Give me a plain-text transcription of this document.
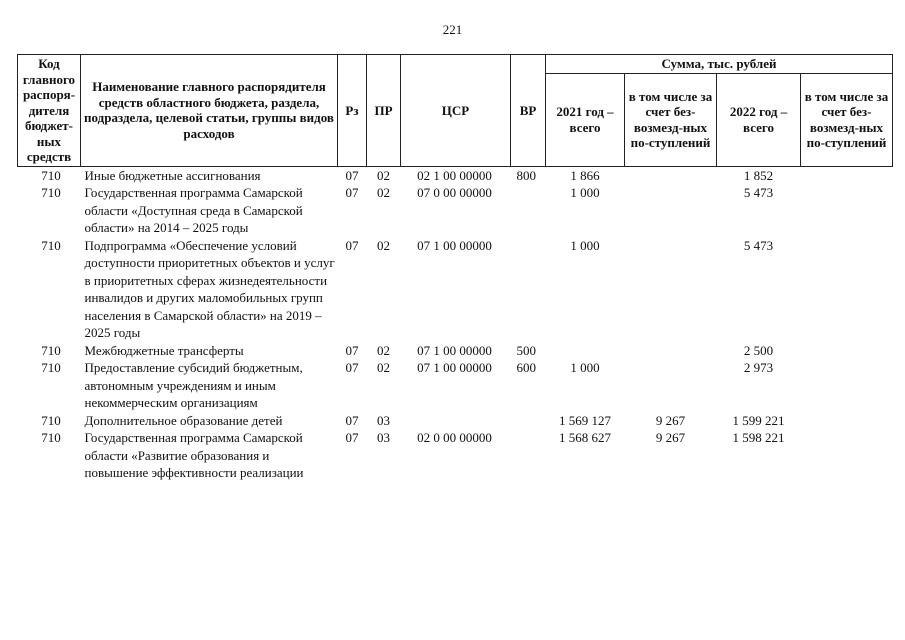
221
Код главного распоря-дителя бюджет-ных средств	Наименование главного распорядителя средств областного бюджета, раздела, подраздела, целевой статьи, группы видов расходов	Рз	ПР	ЦСР	ВР	Сумма, тыс. рублей			
						2021 год – всего	в том числе за счет без-возмезд-ных по-ступлений	2022 год – всего	в том числе за счет без-возмезд-ных по-ступлений

710	Иные бюджетные ассигнования	07	02	02 1 00 00000	800	1 866		1 852	
710	Государственная программа Самарской области «Доступная среда в Самарской области» на 2014 – 2025 годы	07	02	07 0 00 00000		1 000		5 473	
710	Подпрограмма «Обеспечение условий доступности приоритетных объектов и услуг в приоритетных сферах жизнедеятельности инвалидов и других маломобильных групп населения в Самарской области» на 2019 – 2025 годы	07	02	07 1 00 00000		1 000		5 473	
710	Межбюджетные трансферты	07	02	07 1 00 00000	500			2 500	
710	Предоставление субсидий бюджетным, автономным учреждениям и иным некоммерческим организациям	07	02	07 1 00 00000	600	1 000		2 973	
710	Дополнительное образование детей	07	03			1 569 127	9 267	1 599 221	
710	Государственная программа Самарской области «Развитие образования и повышение эффективности реализации	07	03	02 0 00 00000		1 568 627	9 267	1 598 221	
